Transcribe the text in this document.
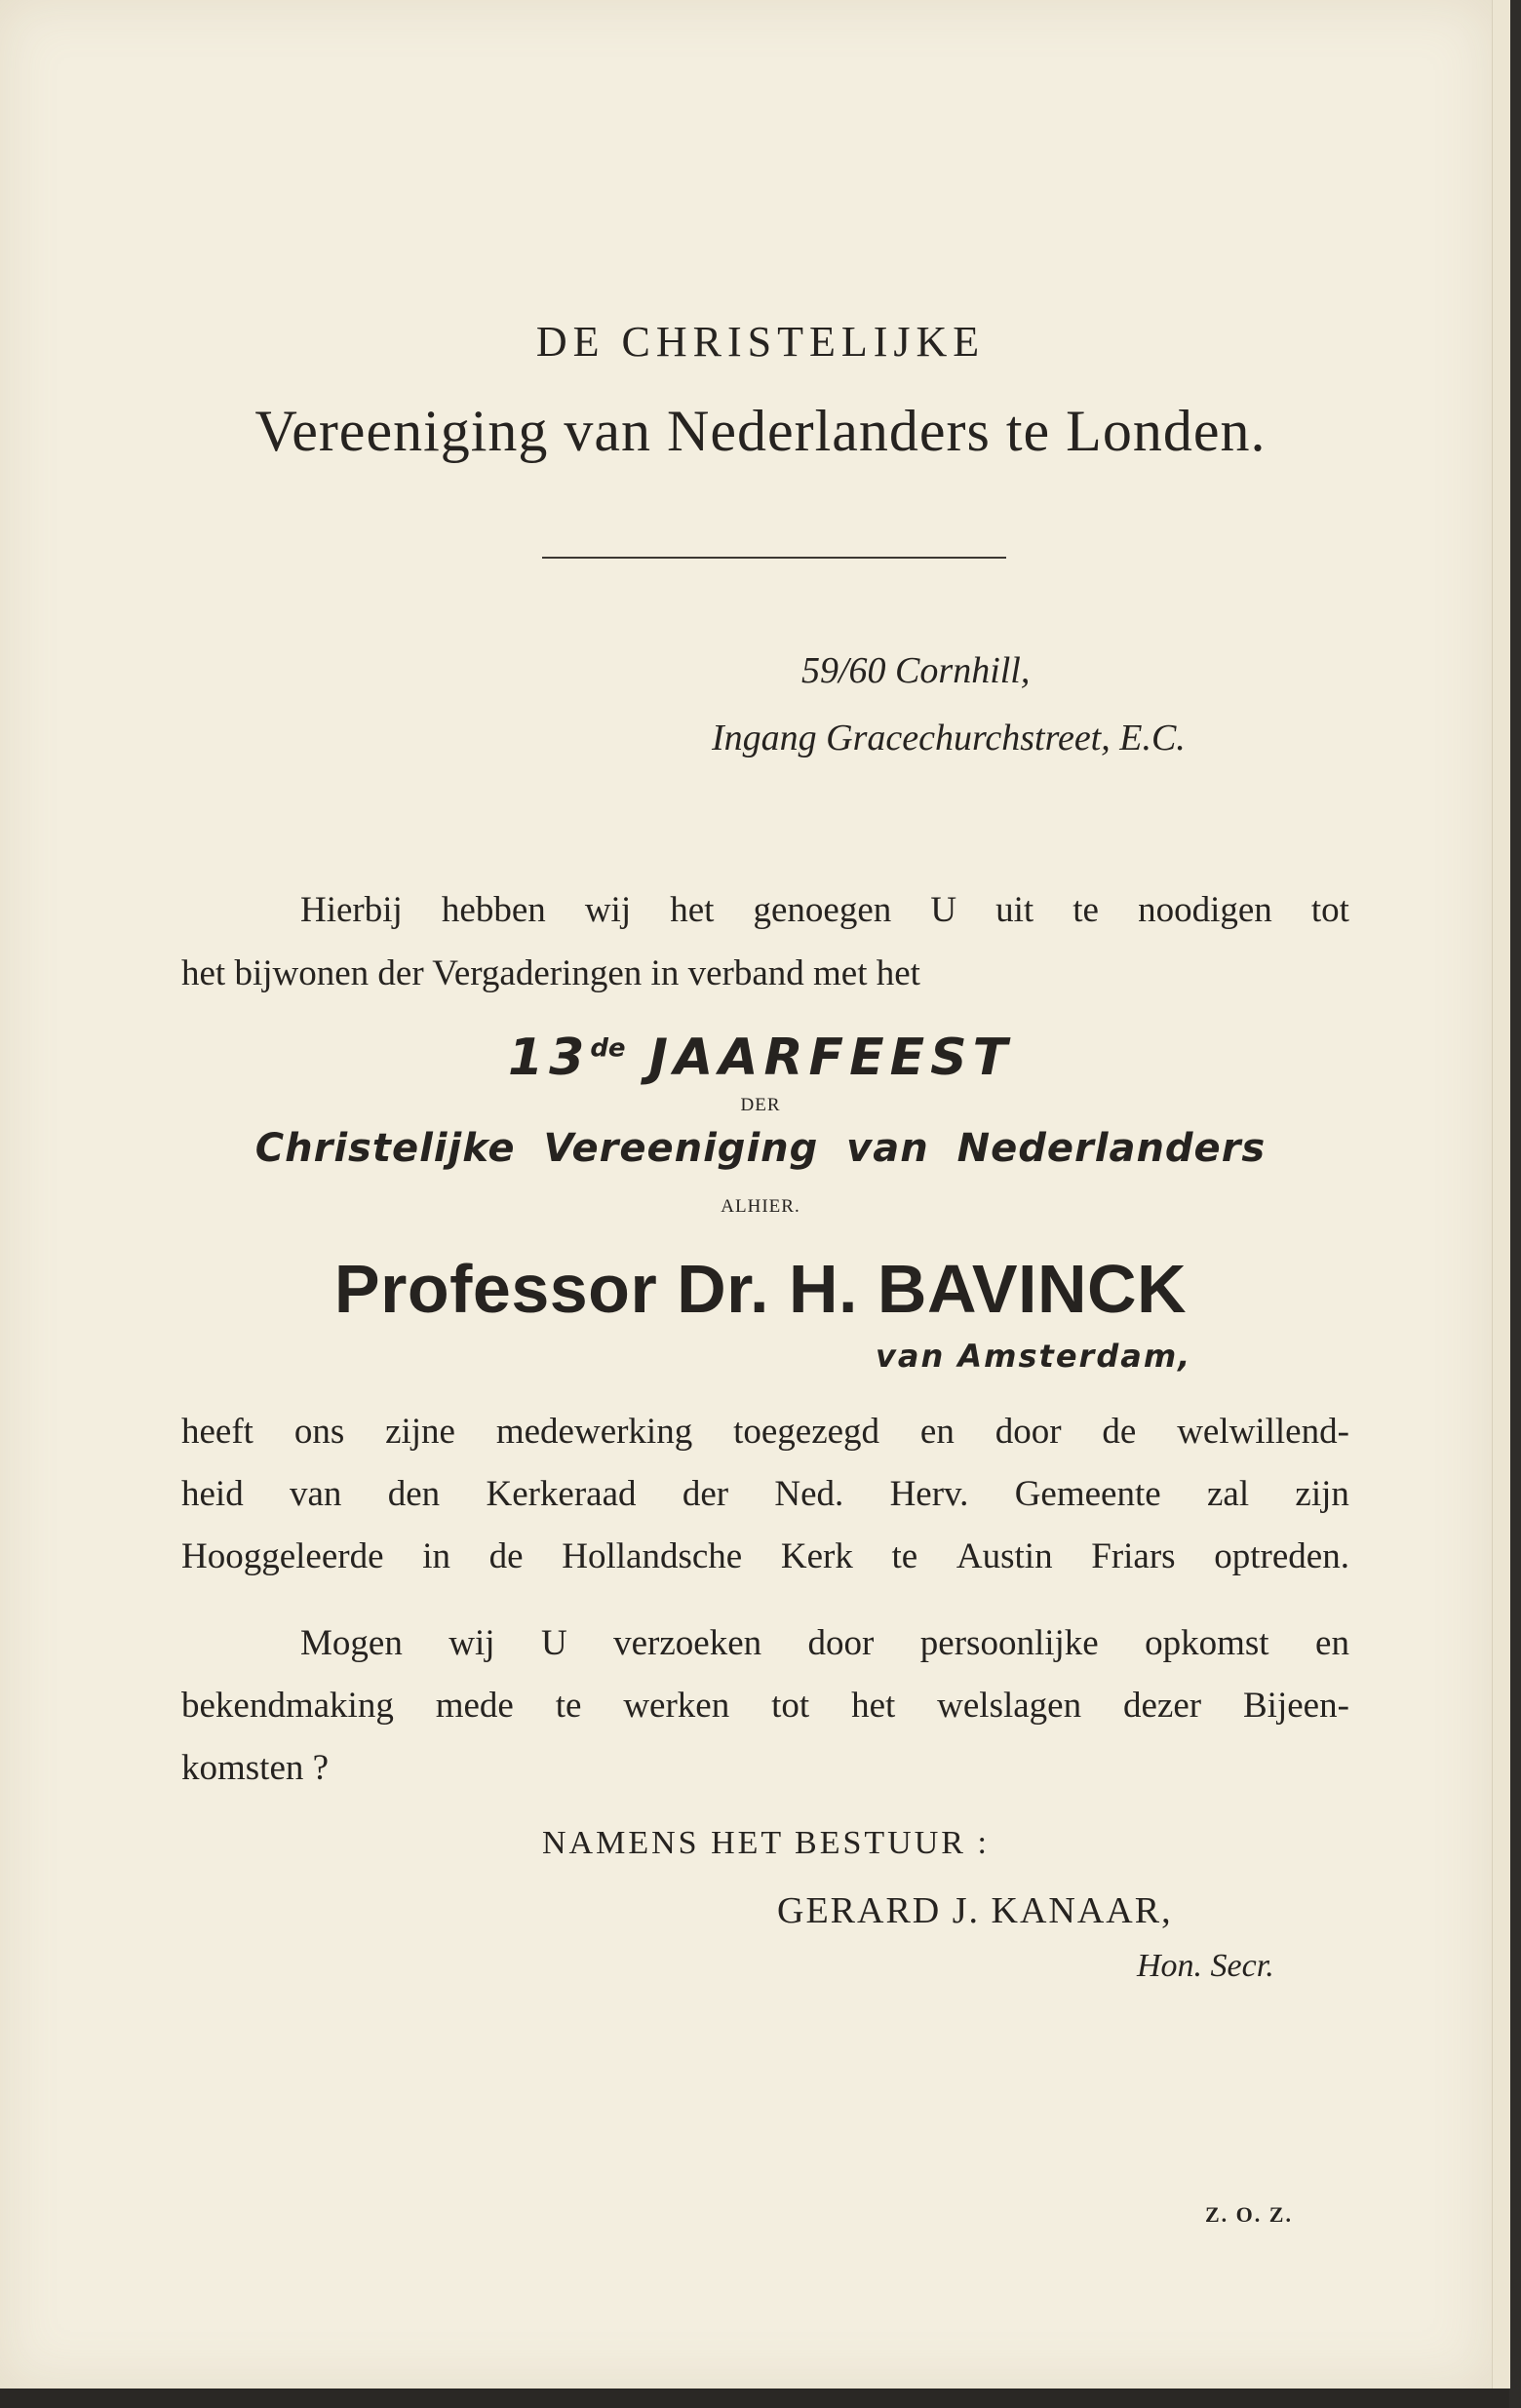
DE CHRISTELIJKE
Vereeniging van Nederlanders te Londen.
59/60 Cornhill,
Ingang Gracechurchstreet, E.C.
Hierbij hebben wij het genoegen U uit te noodigen tot
het bijwonen der Vergaderingen in verband met het
13de JAARFEEST
DER
Christelijke Vereeniging van Nederlanders
ALHIER.
Professor Dr. H. BAVINCK
van Amsterdam,
heeft ons zijne medewerking toegezegd en door de welwillend-
heid van den Kerkeraad der Ned. Herv. Gemeente zal zijn
Hooggeleerde in de Hollandsche Kerk te Austin Friars optreden.
Mogen wij U verzoeken door persoonlijke opkomst en
bekendmaking mede te werken tot het welslagen dezer Bijeen-
komsten ?
NAMENS HET BESTUUR :
GERARD J. KANAAR,
Hon. Secr.
Z. O. Z.
